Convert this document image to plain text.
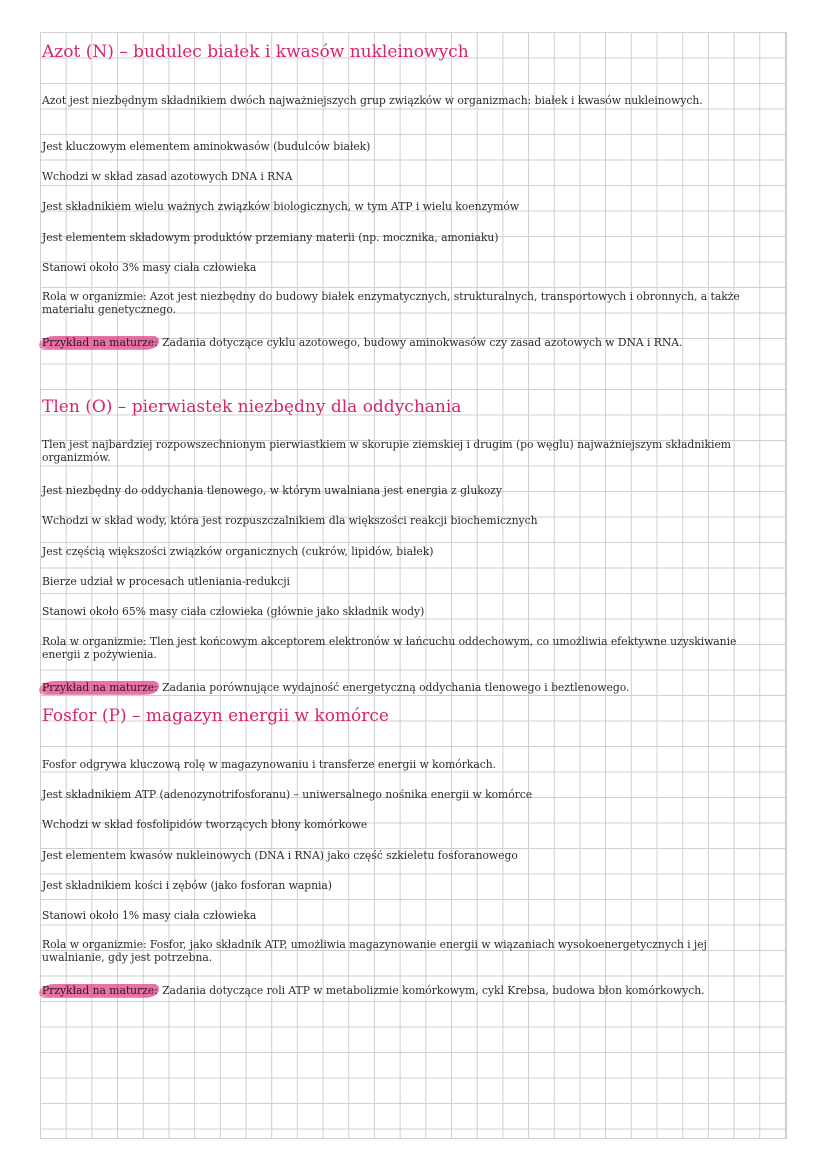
Azot (N) – budulec białek i kwasów nukleinowych

Azot jest niezbędnym składnikiem dwóch najważniejszych grup związków w organizmach: białek i kwasów nukleinowych.

Jest kluczowym elementem aminokwasów (budulców białek)

Wchodzi w skład zasad azotowych DNA i RNA

Jest składnikiem wielu ważnych związków biologicznych, w tym ATP i wielu koenzymów

Jest elementem składowym produktów przemiany materii (np. mocznika, amoniaku)

Stanowi około 3% masy ciała człowieka

Rola w organizmie: Azot jest niezbędny do budowy białek enzymatycznych, strukturalnych, transportowych i obronnych, a także materiału genetycznego.

Przykład na maturze: Zadania dotyczące cyklu azotowego, budowy aminokwasów czy zasad azotowych w DNA i RNA.

Tlen (O) – pierwiastek niezbędny dla oddychania

Tlen jest najbardziej rozpowszechnionym pierwiastkiem w skorupie ziemskiej i drugim (po węglu) najważniejszym składnikiem organizmów.

Jest niezbędny do oddychania tlenowego, w którym uwalniana jest energia z glukozy

Wchodzi w skład wody, która jest rozpuszczalnikiem dla większości reakcji biochemicznych

Jest częścią większości związków organicznych (cukrów, lipidów, białek)

Bierze udział w procesach utleniania-redukcji

Stanowi około 65% masy ciała człowieka (głównie jako składnik wody)

Rola w organizmie: Tlen jest końcowym akceptorem elektronów w łańcuchu oddechowym, co umożliwia efektywne uzyskiwanie energii z pożywienia.

Przykład na maturze: Zadania porównujące wydajność energetyczną oddychania tlenowego i beztlenowego.

Fosfor (P) – magazyn energii w komórce

Fosfor odgrywa kluczową rolę w magazynowaniu i transferze energii w komórkach.

Jest składnikiem ATP (adenozynotrifosforanu) – uniwersalnego nośnika energii w komórce

Wchodzi w skład fosfolipidów tworzących błony komórkowe

Jest elementem kwasów nukleinowych (DNA i RNA) jako część szkieletu fosforanowego

Jest składnikiem kości i zębów (jako fosforan wapnia)

Stanowi około 1% masy ciała człowieka

Rola w organizmie: Fosfor, jako składnik ATP, umożliwia magazynowanie energii w wiązaniach wysokoenergetycznych i jej uwalnianie, gdy jest potrzebna.

Przykład na maturze: Zadania dotyczące roli ATP w metabolizmie komórkowym, cykl Krebsa, budowa błon komórkowych.
